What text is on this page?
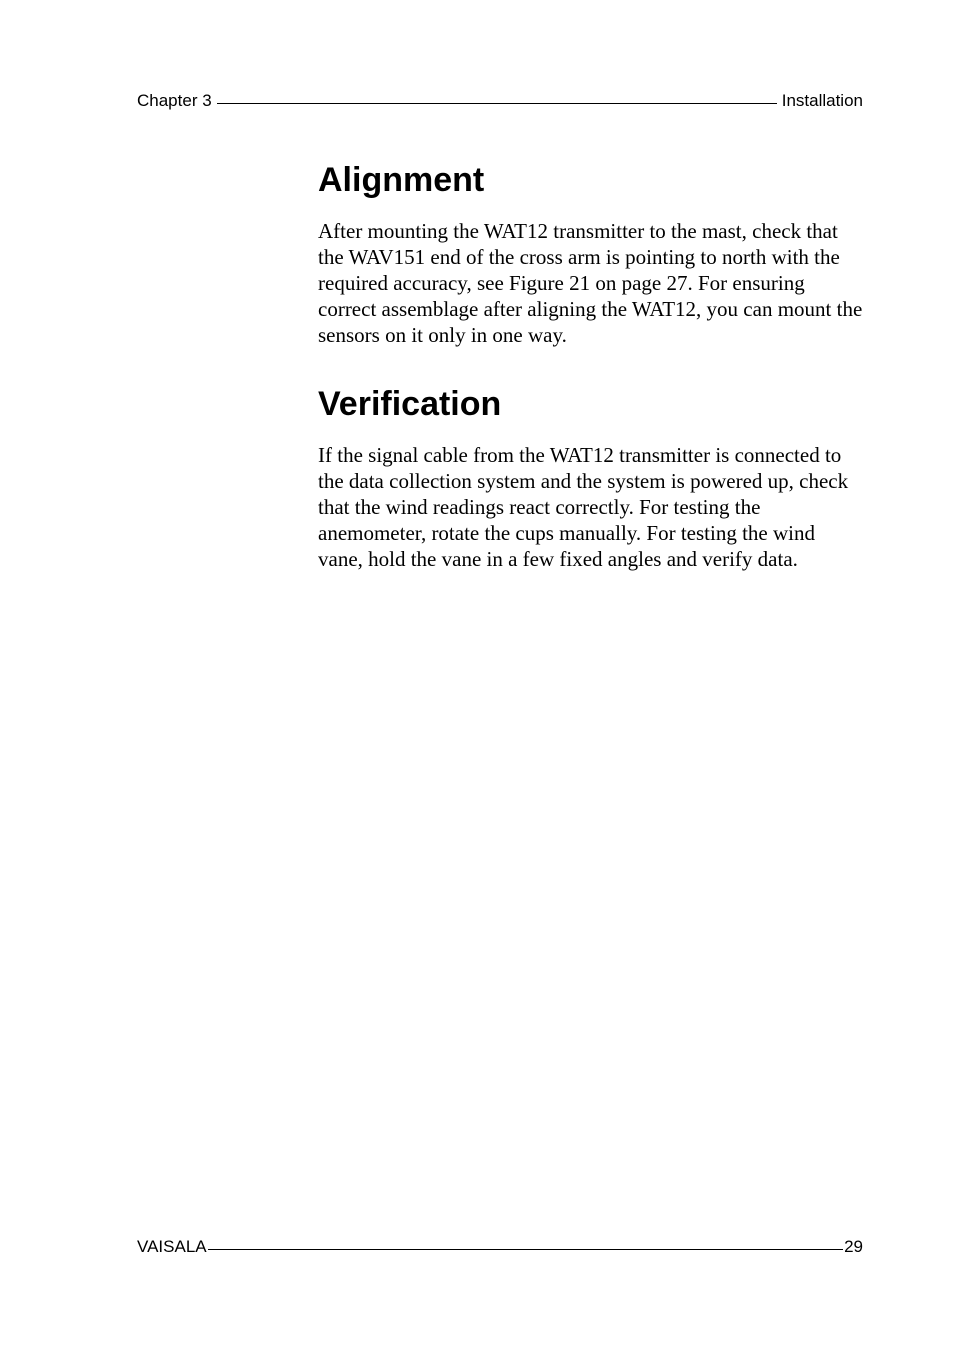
Chapter 3	Installation
Alignment

After mounting the WAT12 transmitter to the mast, check that the WAV151 end of the cross arm is pointing to north with the required accuracy, see Figure 21 on page 27. For ensuring correct assemblage after aligning the WAT12, you can mount the sensors on it only in one way.

Verification

If the signal cable from the WAT12 transmitter is connected to the data collection system and the system is powered up, check that the wind readings react correctly. For testing the anemometer, rotate the cups manually. For testing the wind vane, hold the vane in a few fixed angles and verify data.

VAISALA	29
